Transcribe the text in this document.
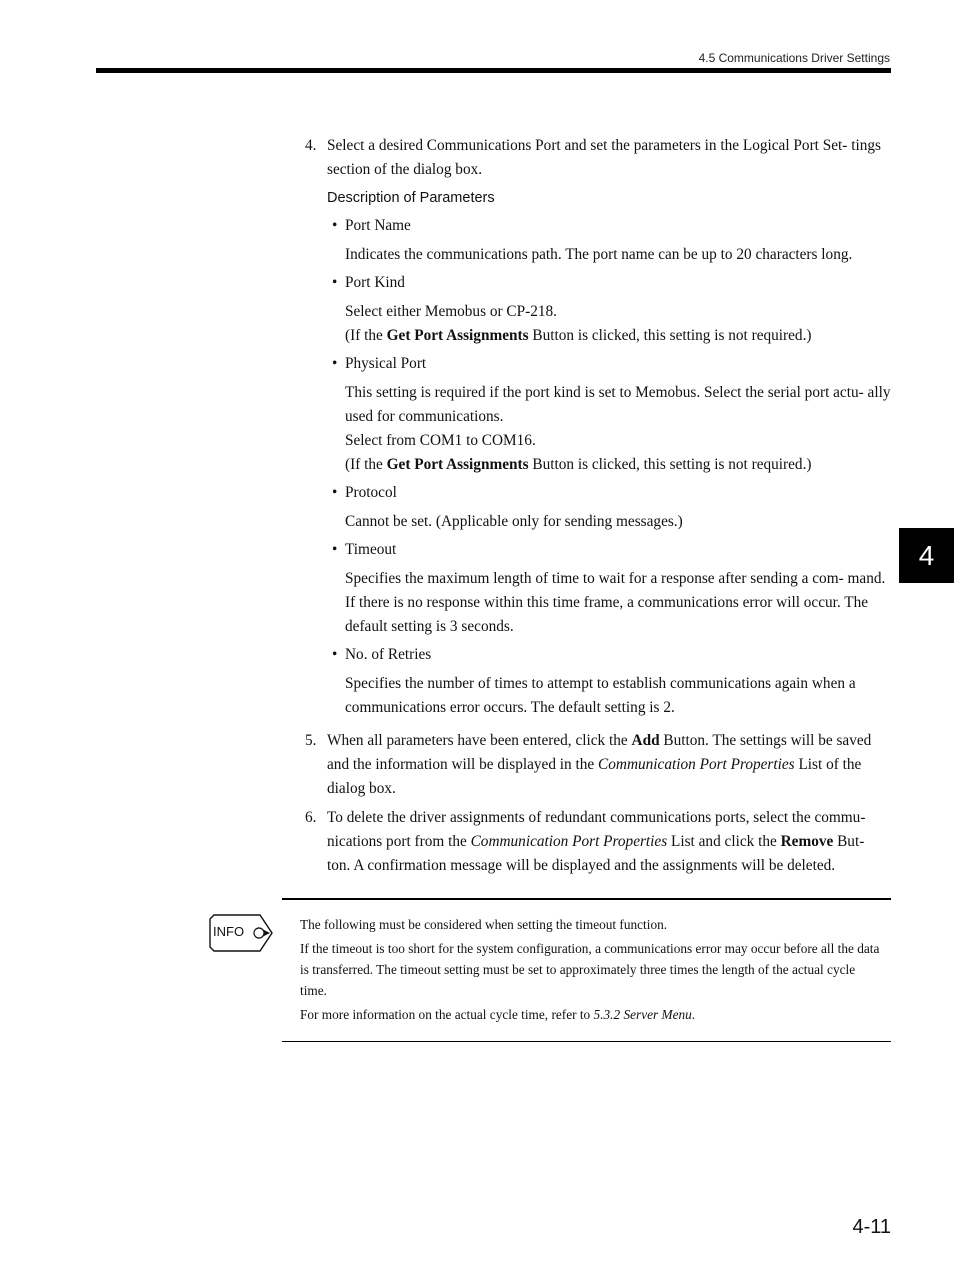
4.5 Communications Driver Settings
4
4. Select a desired Communications Port and set the parameters in the Logical Port Set- tings section of the dialog box.
Description of Parameters
• Port Name
Indicates the communications path. The port name can be up to 20 characters long.
• Port Kind
Select either Memobus or CP-218.
(If the Get Port Assignments Button is clicked, this setting is not required.)
• Physical Port
This setting is required if the port kind is set to Memobus. Select the serial port actu- ally used for communications.
Select from COM1 to COM16.
(If the Get Port Assignments Button is clicked, this setting is not required.)
• Protocol
Cannot be set. (Applicable only for sending messages.)
• Timeout
Specifies the maximum length of time to wait for a response after sending a com- mand. If there is no response within this time frame, a communications error will occur. The default setting is 3 seconds.
• No. of Retries
Specifies the number of times to attempt to establish communications again when a communications error occurs. The default setting is 2.
5. When all parameters have been entered, click the Add Button. The settings will be saved and the information will be displayed in the Communication Port Properties List of the dialog box.
6. To delete the driver assignments of redundant communications ports, select the commu- nications port from the Communication Port Properties List and click the Remove But- ton. A confirmation message will be displayed and the assignments will be deleted.
INFO	The following must be considered when setting the timeout function.

If the timeout is too short for the system configuration, a communications error may occur before all the data is transferred. The timeout setting must be set to approximately three times the length of the actual cycle time.

For more information on the actual cycle time, refer to 5.3.2 Server Menu.

4-11
